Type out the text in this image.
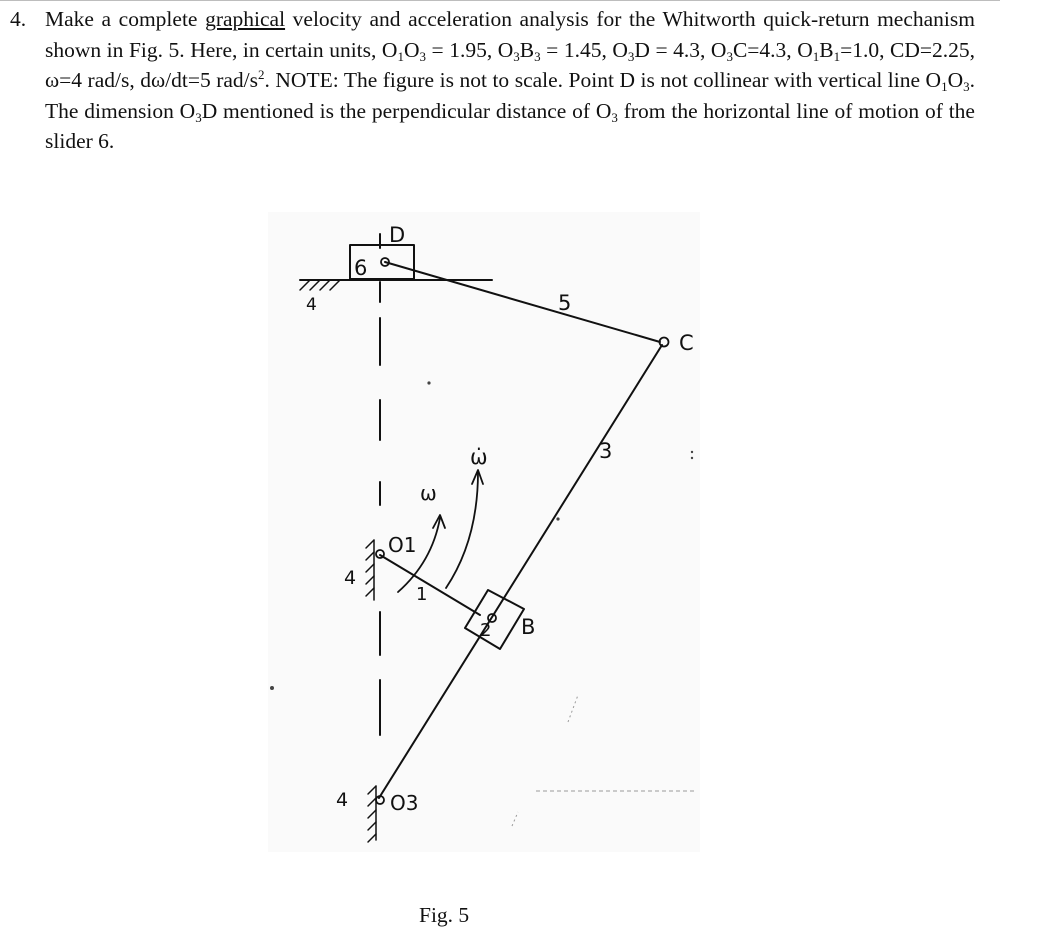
4. Make a complete graphical velocity and acceleration analysis for the Whitworth quick-return mechanism shown in Fig. 5. Here, in certain units, $O_1O_3 = 1.95$, $O_3B_3 = 1.45$, $O_3D = 4.3$, $O_3C=4.3$, $O_1B_1=1.0$, CD=2.25, ω=4 rad/s, dω/dt=5 rad/$s^2$. NOTE: The figure is not to scale. Point D is not collinear with vertical line $O_1O_3$. The dimension $O_3D$ mentioned is the perpendicular distance of $O_3$ from the horizontal line of motion of the slider 6.
D
6
4	5
C
3
ω̇
ω
O1
4
1
2 B
4 O3
Fig. 5
